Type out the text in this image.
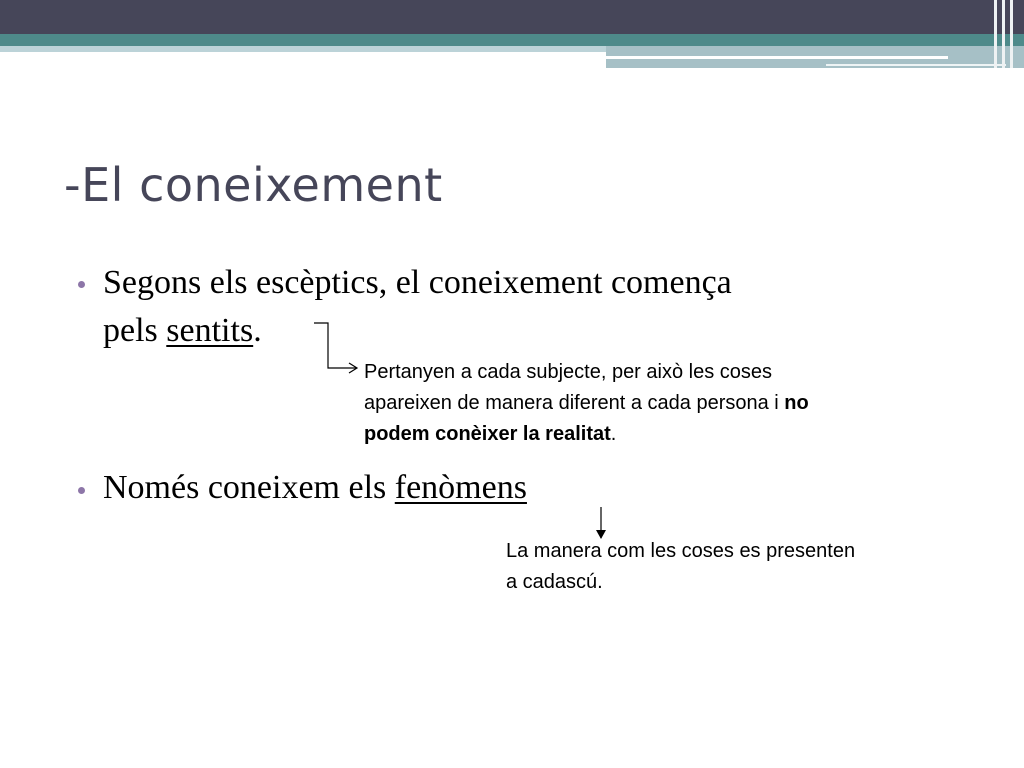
-El coneixement
Segons els escèptics, el coneixement comença
pels sentits.
Només coneixem els fenòmens
Pertanyen a cada subjecte, per això les coses
apareixen de manera diferent a cada persona i no
podem conèixer la realitat.
La manera com les coses es presenten
a cadascú.
